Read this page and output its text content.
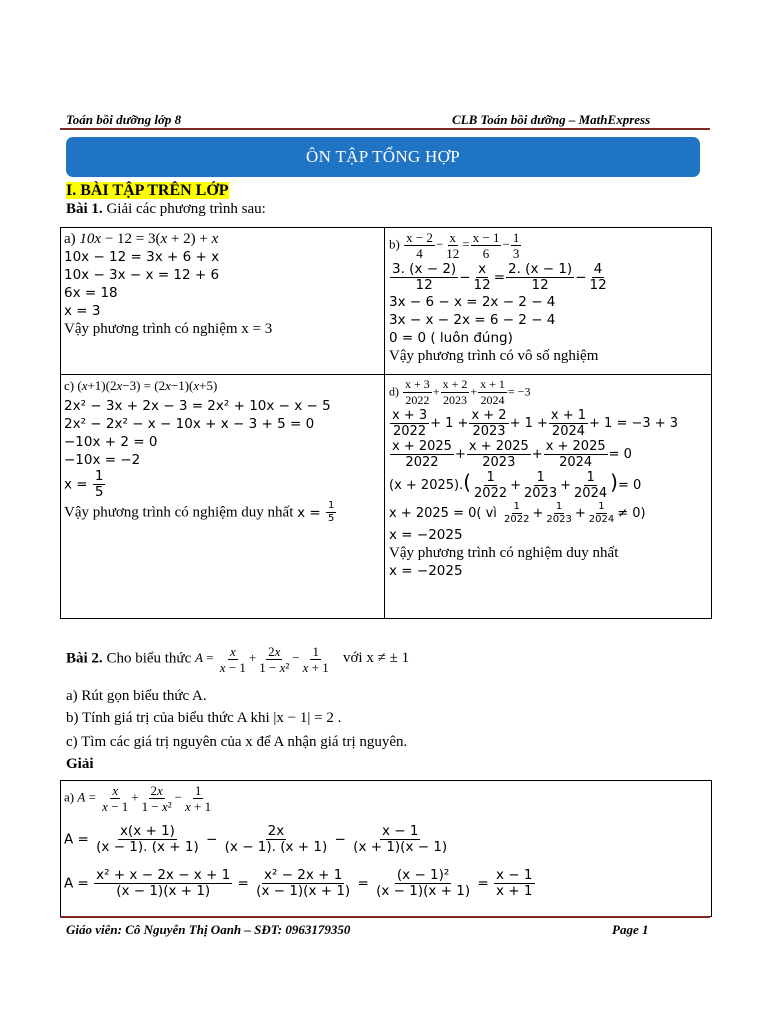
Toán bồi dưỡng lớp 8	CLB Toán bồi dưỡng – MathExpress
ÔN TẬP TỔNG HỢP
I. BÀI TẬP TRÊN LỚP
Bài 1. Giải các phương trình sau:
a) 10x − 12 = 3(x + 2) + x
10x − 12 = 3x + 6 + x
10x − 3x − x = 12 + 6
6x = 18
x = 3
Vậy phương trình có nghiệm x = 3
$b) \frac{x - 2}{4} - \frac{x}{12} = \frac{x - 1}{6} - \frac{1}{3}$
$\frac{3. (x - 2)}{12} - \frac{x}{12} = \frac{2. (x - 1)}{12} - \frac{4}{12}$
3x − 6 − x = 2x − 2 − 4
3x − x − 2x = 6 − 2 − 4
0 = 0 ( luôn đúng)
Vậy phương trình có vô số nghiệm
c) (x+1)(2x−3) = (2x−1)(x+5)
2x² − 3x + 2x − 3 = 2x² + 10x − x − 5
2x² − 2x² − x − 10x + x − 3 + 5 = 0
−10x + 2 = 0
−10x = −2
$x = \frac{1}{5}$
Vậy phương trình có nghiệm duy nhất $x = \frac{1}{5}$
$d) \frac{x + 3}{2022} + \frac{x + 2}{2023} + \frac{x + 1}{2024} = -3$
$\frac{x + 3}{2022} + 1 + \frac{x + 2}{2023} + 1 + \frac{x + 1}{2024} + 1 = -3 + 3$
$\frac{x + 2025}{2022} + \frac{x + 2025}{2023} + \frac{x + 2025}{2024} = 0$
$(x + 2025).( \frac{1}{2022} + \frac{1}{2023} + \frac{1}{2024}$ )= 0
x + 2025 = 0( vì $\frac{1}{2022} + \frac{1}{2023} + \frac{1}{2024} \ne 0$)
x = −2025
Vậy phương trình có nghiệm duy nhất
x = −2025
Bài 2. Cho biểu thức $A = \frac{x}{x - 1} + \frac{2x}{\text{1 − x²}} - \frac{1}{x + 1}$ với x ≠ ± 1
a) Rút gọn biểu thức A.
b) Tính giá trị của biểu thức A khi |x − 1| = 2 .
c) Tìm các giá trị nguyên của x để A nhận giá trị nguyên.
Giải
a) $A = \frac{x}{x - 1} + \frac{2x}{\text{1 − x²}} - \frac{1}{x + 1}$
$A = \frac{x(x + 1)}{(x - 1). (x + 1)} - \frac{2x}{(x - 1). (x + 1)} - \frac{x - 1}{(x + 1)(x - 1)}$
$A = \frac{\text{x² + x − 2x − x + 1}}{(x - 1)(x + 1)} = \frac{\text{x² − 2x + 1}}{(x - 1)(x + 1)} = \frac{\text{(x − 1)²}}{(x - 1)(x + 1)} = \frac{x - 1}{x + 1}$
Giáo viên: Cô Nguyễn Thị Oanh – SĐT: 0963179350	Page 1
